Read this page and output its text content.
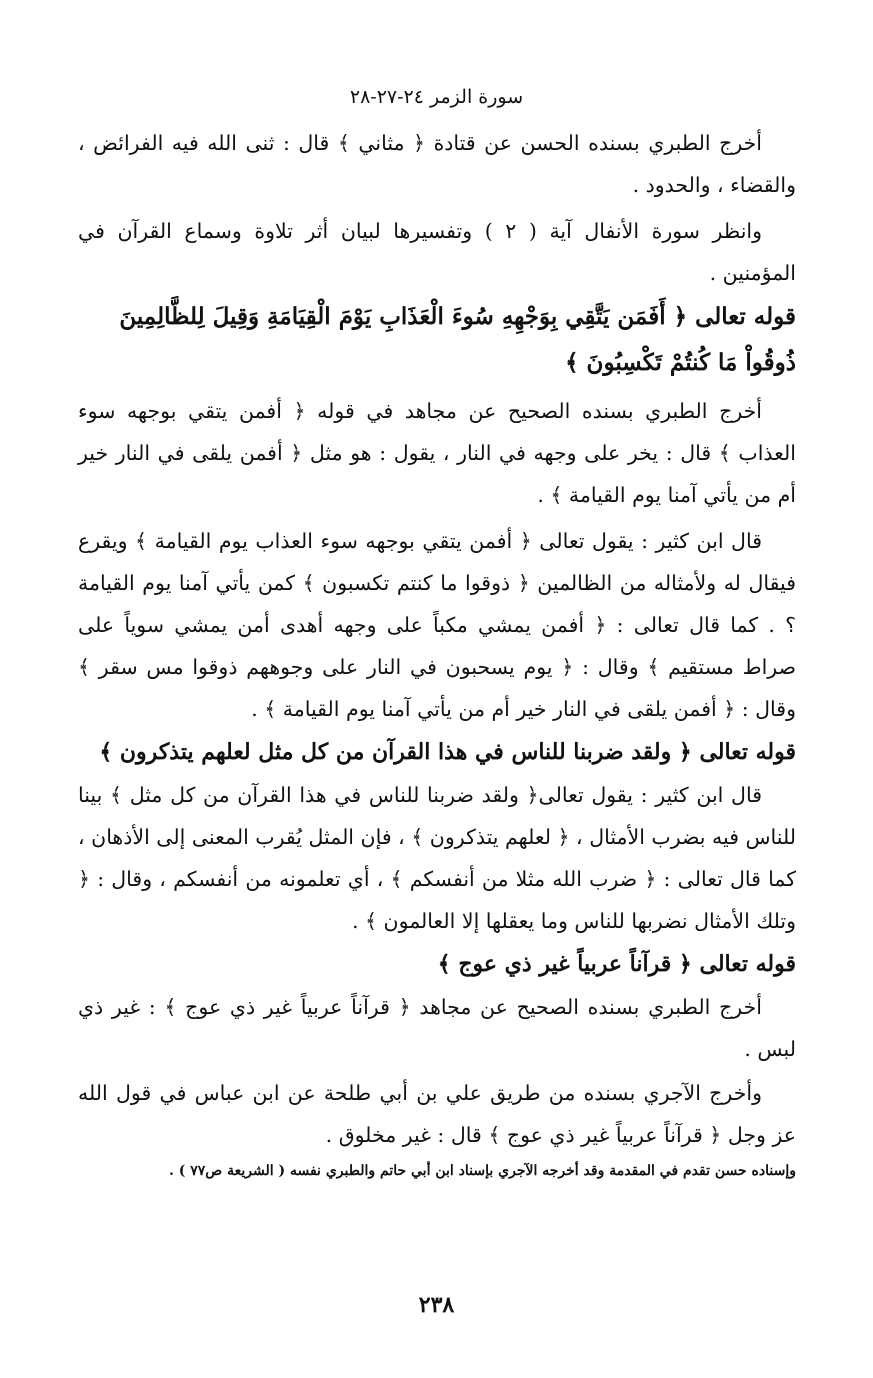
سورة الزمر ٢٤-٢٧-٢٨

أخرج الطبري بسنده الحسن عن قتادة ﴿ مثاني ﴾ قال : ثنى الله فيه الفرائض ، والقضاء ، والحدود .

وانظر سورة الأنفال آية ( ٢ ) وتفسيرها لبيان أثر تلاوة وسماع القرآن في المؤمنين .

قوله تعالى ﴿ أَفَمَن يَتَّقِي بِوَجْهِهِ سُوءَ الْعَذَابِ يَوْمَ الْقِيَامَةِ وَقِيلَ لِلظَّالِمِينَ ذُوقُواْ مَا كُنتُمْ تَكْسِبُونَ ﴾

أخرج الطبري بسنده الصحيح عن مجاهد في قوله ﴿ أفمن يتقي بوجهه سوء العذاب ﴾ قال : يخر على وجهه في النار ، يقول : هو مثل ﴿ أفمن يلقى في النار خير أم من يأتي آمنا يوم القيامة ﴾ .

قال ابن كثير : يقول تعالى ﴿ أفمن يتقي بوجهه سوء العذاب يوم القيامة ﴾ ويقرع فيقال له ولأمثاله من الظالمين ﴿ ذوقوا ما كنتم تكسبون ﴾ كمن يأتي آمنا يوم القيامة ؟ . كما قال تعالى : ﴿ أفمن يمشي مكباً على وجهه أهدى أمن يمشي سوياً على صراط مستقيم ﴾ وقال : ﴿ يوم يسحبون في النار على وجوههم ذوقوا مس سقر ﴾ وقال : ﴿ أفمن يلقى في النار خير أم من يأتي آمنا يوم القيامة ﴾ .

قوله تعالى ﴿ ولقد ضربنا للناس في هذا القرآن من كل مثل لعلهم يتذكرون ﴾

قال ابن كثير : يقول تعالى﴿ ولقد ضربنا للناس في هذا القرآن من كل مثل ﴾ بينا للناس فيه بضرب الأمثال ، ﴿ لعلهم يتذكرون ﴾ ، فإن المثل يُقرب المعنى إلى الأذهان ، كما قال تعالى : ﴿ ضرب الله مثلا من أنفسكم ﴾ ، أي تعلمونه من أنفسكم ، وقال : ﴿ وتلك الأمثال نضربها للناس وما يعقلها إلا العالمون ﴾ .

قوله تعالى ﴿ قرآناً عربياً غير ذي عوج ﴾

أخرج الطبري بسنده الصحيح عن مجاهد ﴿ قرآناً عربياً غير ذي عوج ﴾ : غير ذي لبس .

وأخرج الآجري بسنده من طريق علي بن أبي طلحة عن ابن عباس في قول الله عز وجل ﴿ قرآناً عربياً غير ذي عوج ﴾ قال : غير مخلوق .

وإسناده حسن تقدم في المقدمة وقد أخرجه الآجري بإسناد ابن أبي حاتم والطبري نفسه ( الشريعة ص٧٧ ) .

٢٣٨
